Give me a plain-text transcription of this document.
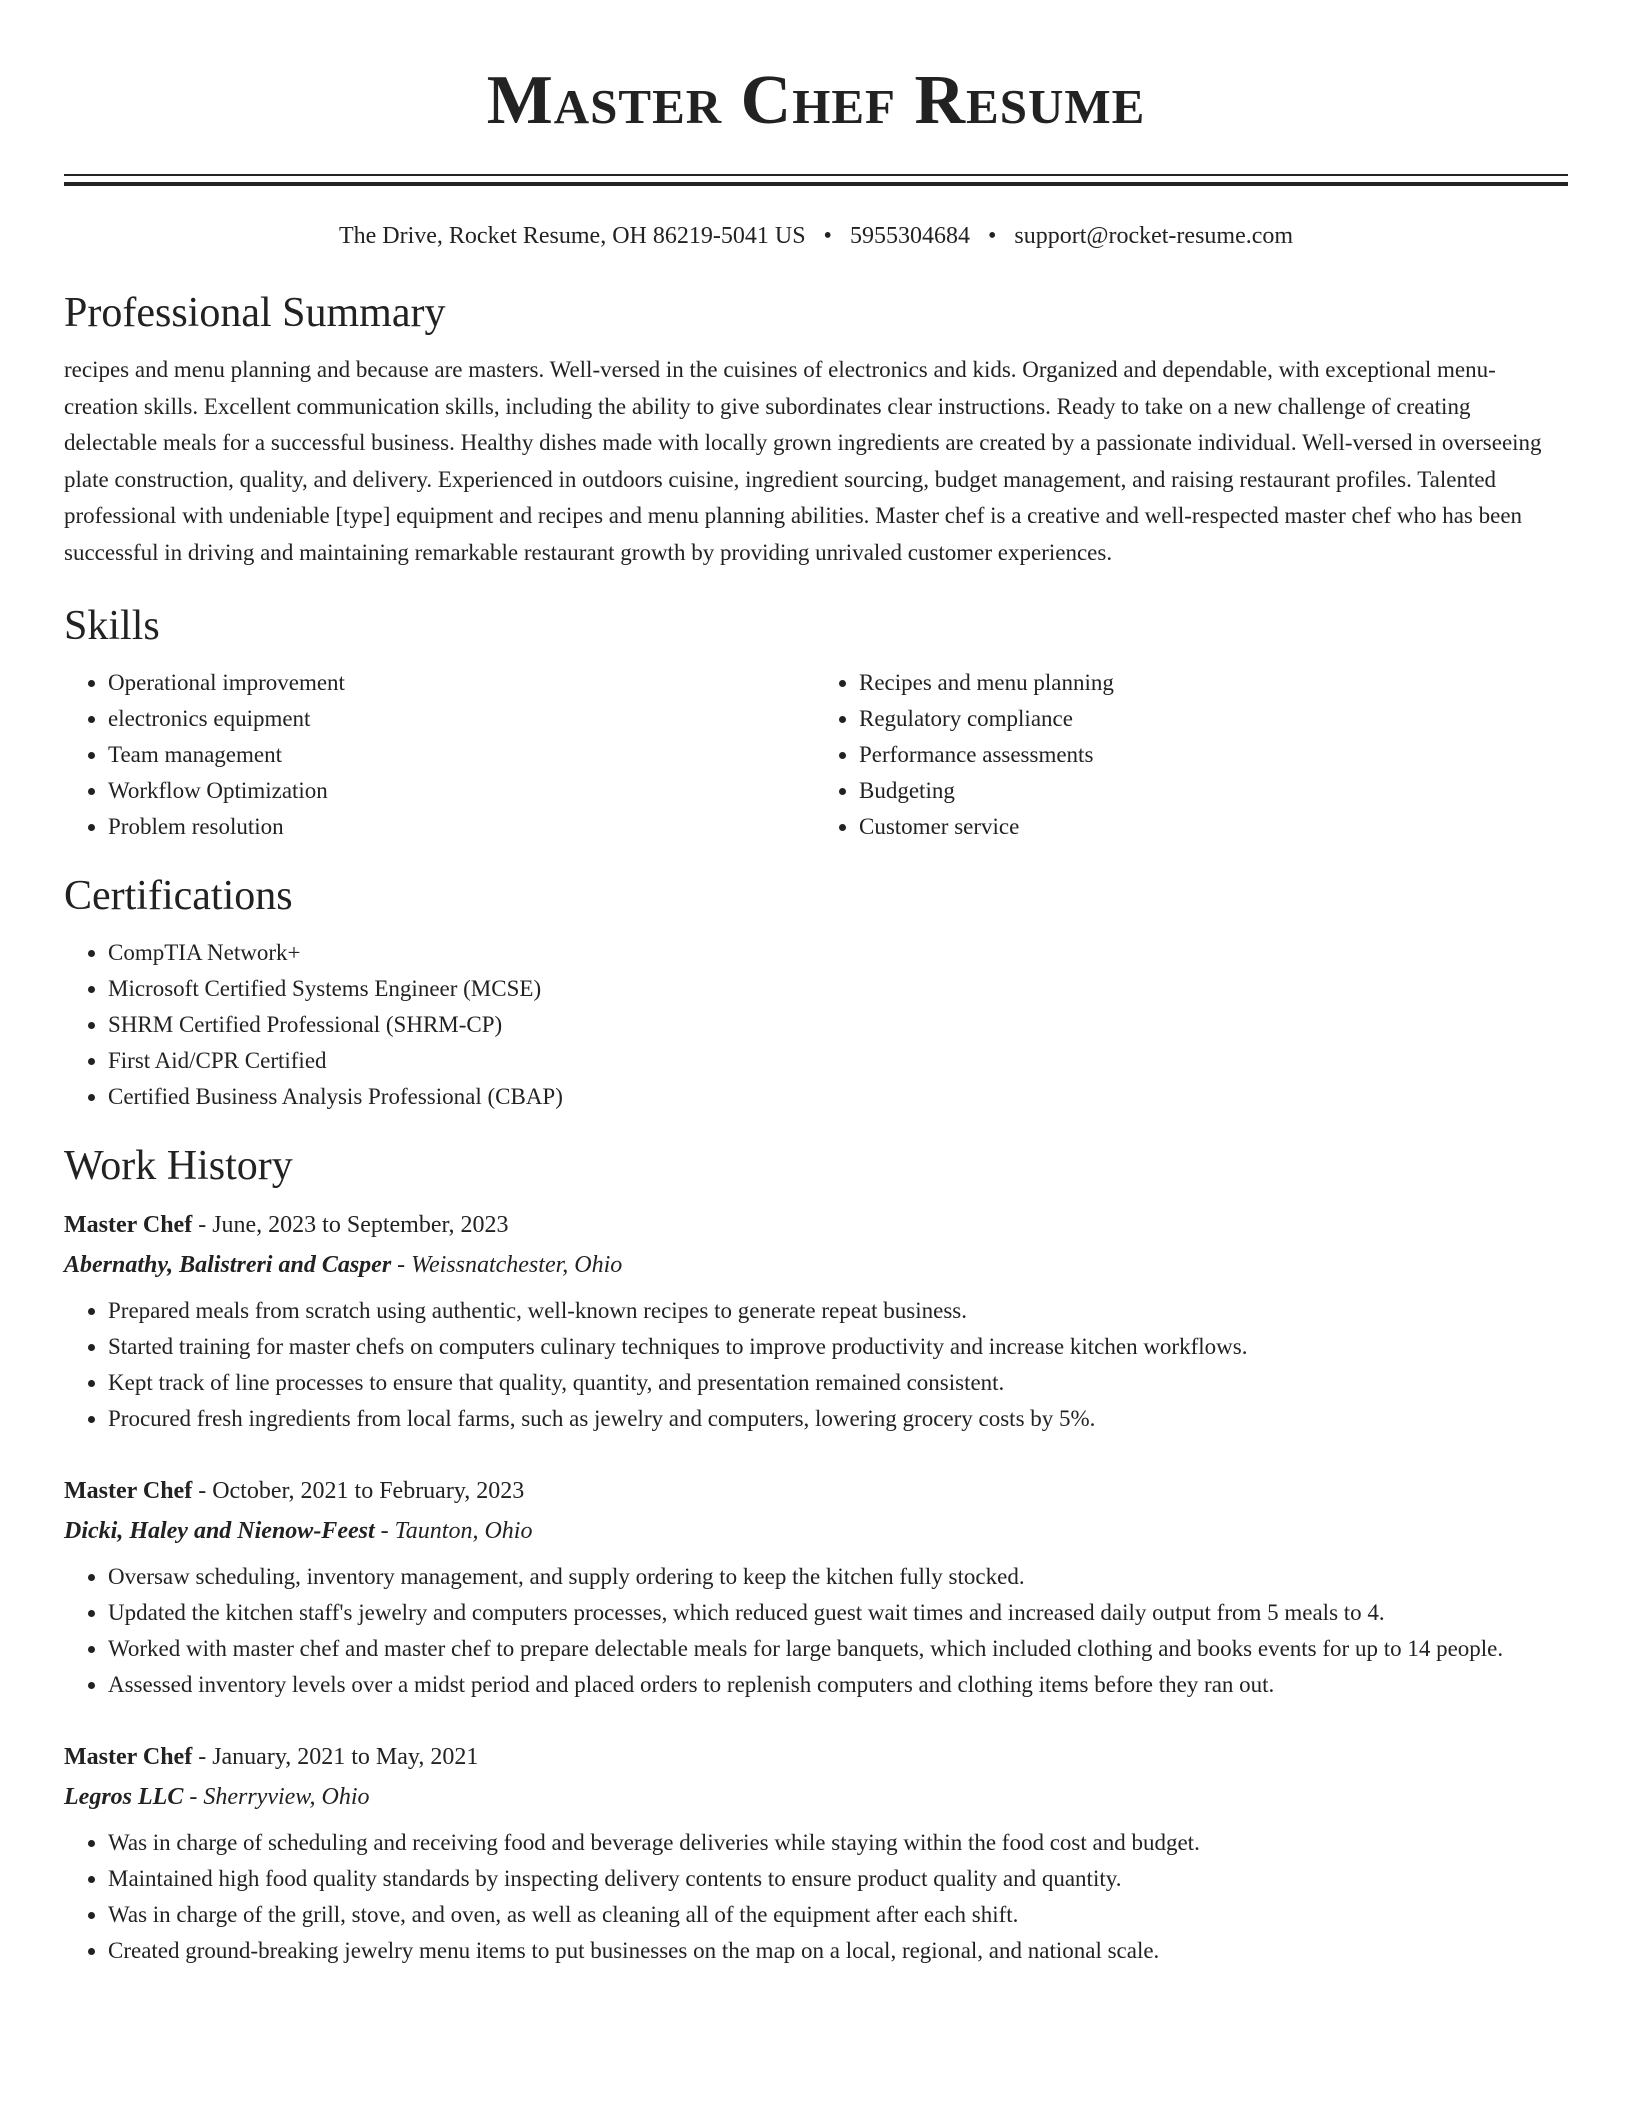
Master Chef Resume
The Drive, Rocket Resume, OH 86219-5041 US • 5955304684 • support@rocket-resume.com
Professional Summary

recipes and menu planning and because are masters. Well-versed in the cuisines of electronics and kids. Organized and dependable, with exceptional menu-creation skills. Excellent communication skills, including the ability to give subordinates clear instructions. Ready to take on a new challenge of creating delectable meals for a successful business. Healthy dishes made with locally grown ingredients are created by a passionate individual. Well-versed in overseeing plate construction, quality, and delivery. Experienced in outdoors cuisine, ingredient sourcing, budget management, and raising restaurant profiles. Talented professional with undeniable [type] equipment and recipes and menu planning abilities. Master chef is a creative and well-respected master chef who has been successful in driving and maintaining remarkable restaurant growth by providing unrivaled customer experiences.

Skills
• Operational improvement
• electronics equipment
• Team management
• Workflow Optimization
• Problem resolution
• Recipes and menu planning
• Regulatory compliance
• Performance assessments
• Budgeting
• Customer service
Certifications
• CompTIA Network+
• Microsoft Certified Systems Engineer (MCSE)
• SHRM Certified Professional (SHRM-CP)
• First Aid/CPR Certified
• Certified Business Analysis Professional (CBAP)
Work History

Master Chef - June, 2023 to September, 2023

Abernathy, Balistreri and Casper - Weissnatchester, Ohio

• Prepared meals from scratch using authentic, well-known recipes to generate repeat business.
• Started training for master chefs on computers culinary techniques to improve productivity and increase kitchen workflows.
• Kept track of line processes to ensure that quality, quantity, and presentation remained consistent.
• Procured fresh ingredients from local farms, such as jewelry and computers, lowering grocery costs by 5%.

Master Chef - October, 2021 to February, 2023

Dicki, Haley and Nienow-Feest - Taunton, Ohio

• Oversaw scheduling, inventory management, and supply ordering to keep the kitchen fully stocked.
• Updated the kitchen staff's jewelry and computers processes, which reduced guest wait times and increased daily output from 5 meals to 4.
• Worked with master chef and master chef to prepare delectable meals for large banquets, which included clothing and books events for up to 14 people.
• Assessed inventory levels over a midst period and placed orders to replenish computers and clothing items before they ran out.

Master Chef - January, 2021 to May, 2021

Legros LLC - Sherryview, Ohio

• Was in charge of scheduling and receiving food and beverage deliveries while staying within the food cost and budget.
• Maintained high food quality standards by inspecting delivery contents to ensure product quality and quantity.
• Was in charge of the grill, stove, and oven, as well as cleaning all of the equipment after each shift.
• Created ground-breaking jewelry menu items to put businesses on the map on a local, regional, and national scale.
